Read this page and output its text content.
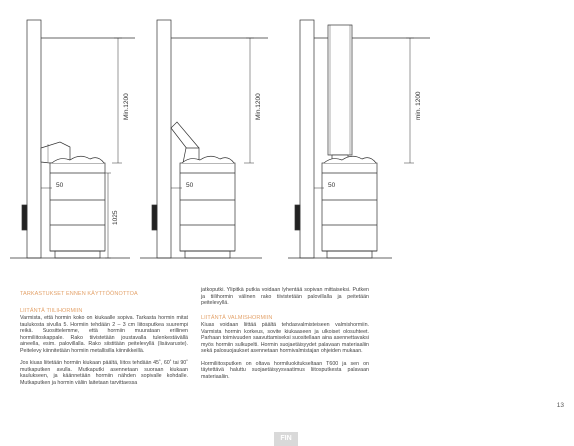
50
Min.1200
1025
50
Min.1200
50
min. 1200
TARKASTUKSET ENNEN KÄYTTÖÖNOTTOA
LIITÄNTÄ TIILIHORMIIN

Varmista, että hormin koko on kiukaalle sopiva. Tarkasta hormin mitat taulukosta sivulla 5. Hormiin tehdään 2 – 3 cm liitosputkea suurempi reikä. Suosittelemme, että hormiin muurataan erillinen hormiliitoskappale. Rako tiivistetään joustavalla tulenkestävällä aineella, esim. palovillalla. Rako siistitään peitelevyllä (lisävaruste). Peitelevy kiinnitetään hormiin metallisilla kiinnikkeillä.

Jos kiuas liitetään hormiin kiukaan päältä, liitos tehdään 45˚, 60˚ tai 90˚ mutkaputken avulla. Mutkaputki asennetaan suoraan kiukaan kaulukseen, ja käännetään hormiin nähden sopivalle kohdalle. Mutkaputken ja hormin väliin laitetaan tarvittaessa

jatkoputki. Ylipitkä putkia voidaan lyhentää sopivan mittaiseksi. Putken ja tiilihormin välinen rako tiivistetään palovillalla ja peitetään peitelevyllä.

LIITÄNTÄ VALMISHORMIIN

Kiuas voidaan liittää päältä tehdasvalmisteiseen valmishormiin. Varmista hormin korkeus, sovite kiukaaseen ja ulkoiset olosuhteet. Parhaan toimivuuden saavuttamiseksi suositellaan aina asennettavaksi myös hormiin sulkupelti. Hormin suojaetäisyydet palavaan materiaaliin sekä palosuojaukset asennetaan hormivalmistajan ohjeiden mukaan.

Hormiliitosputken on oltava hormiluokitukseltaan T600 ja sen on täytettävä haluttu suojaetäisyysvaatimus liitosputkesta palavaan materiaaliin.

13
FIN
